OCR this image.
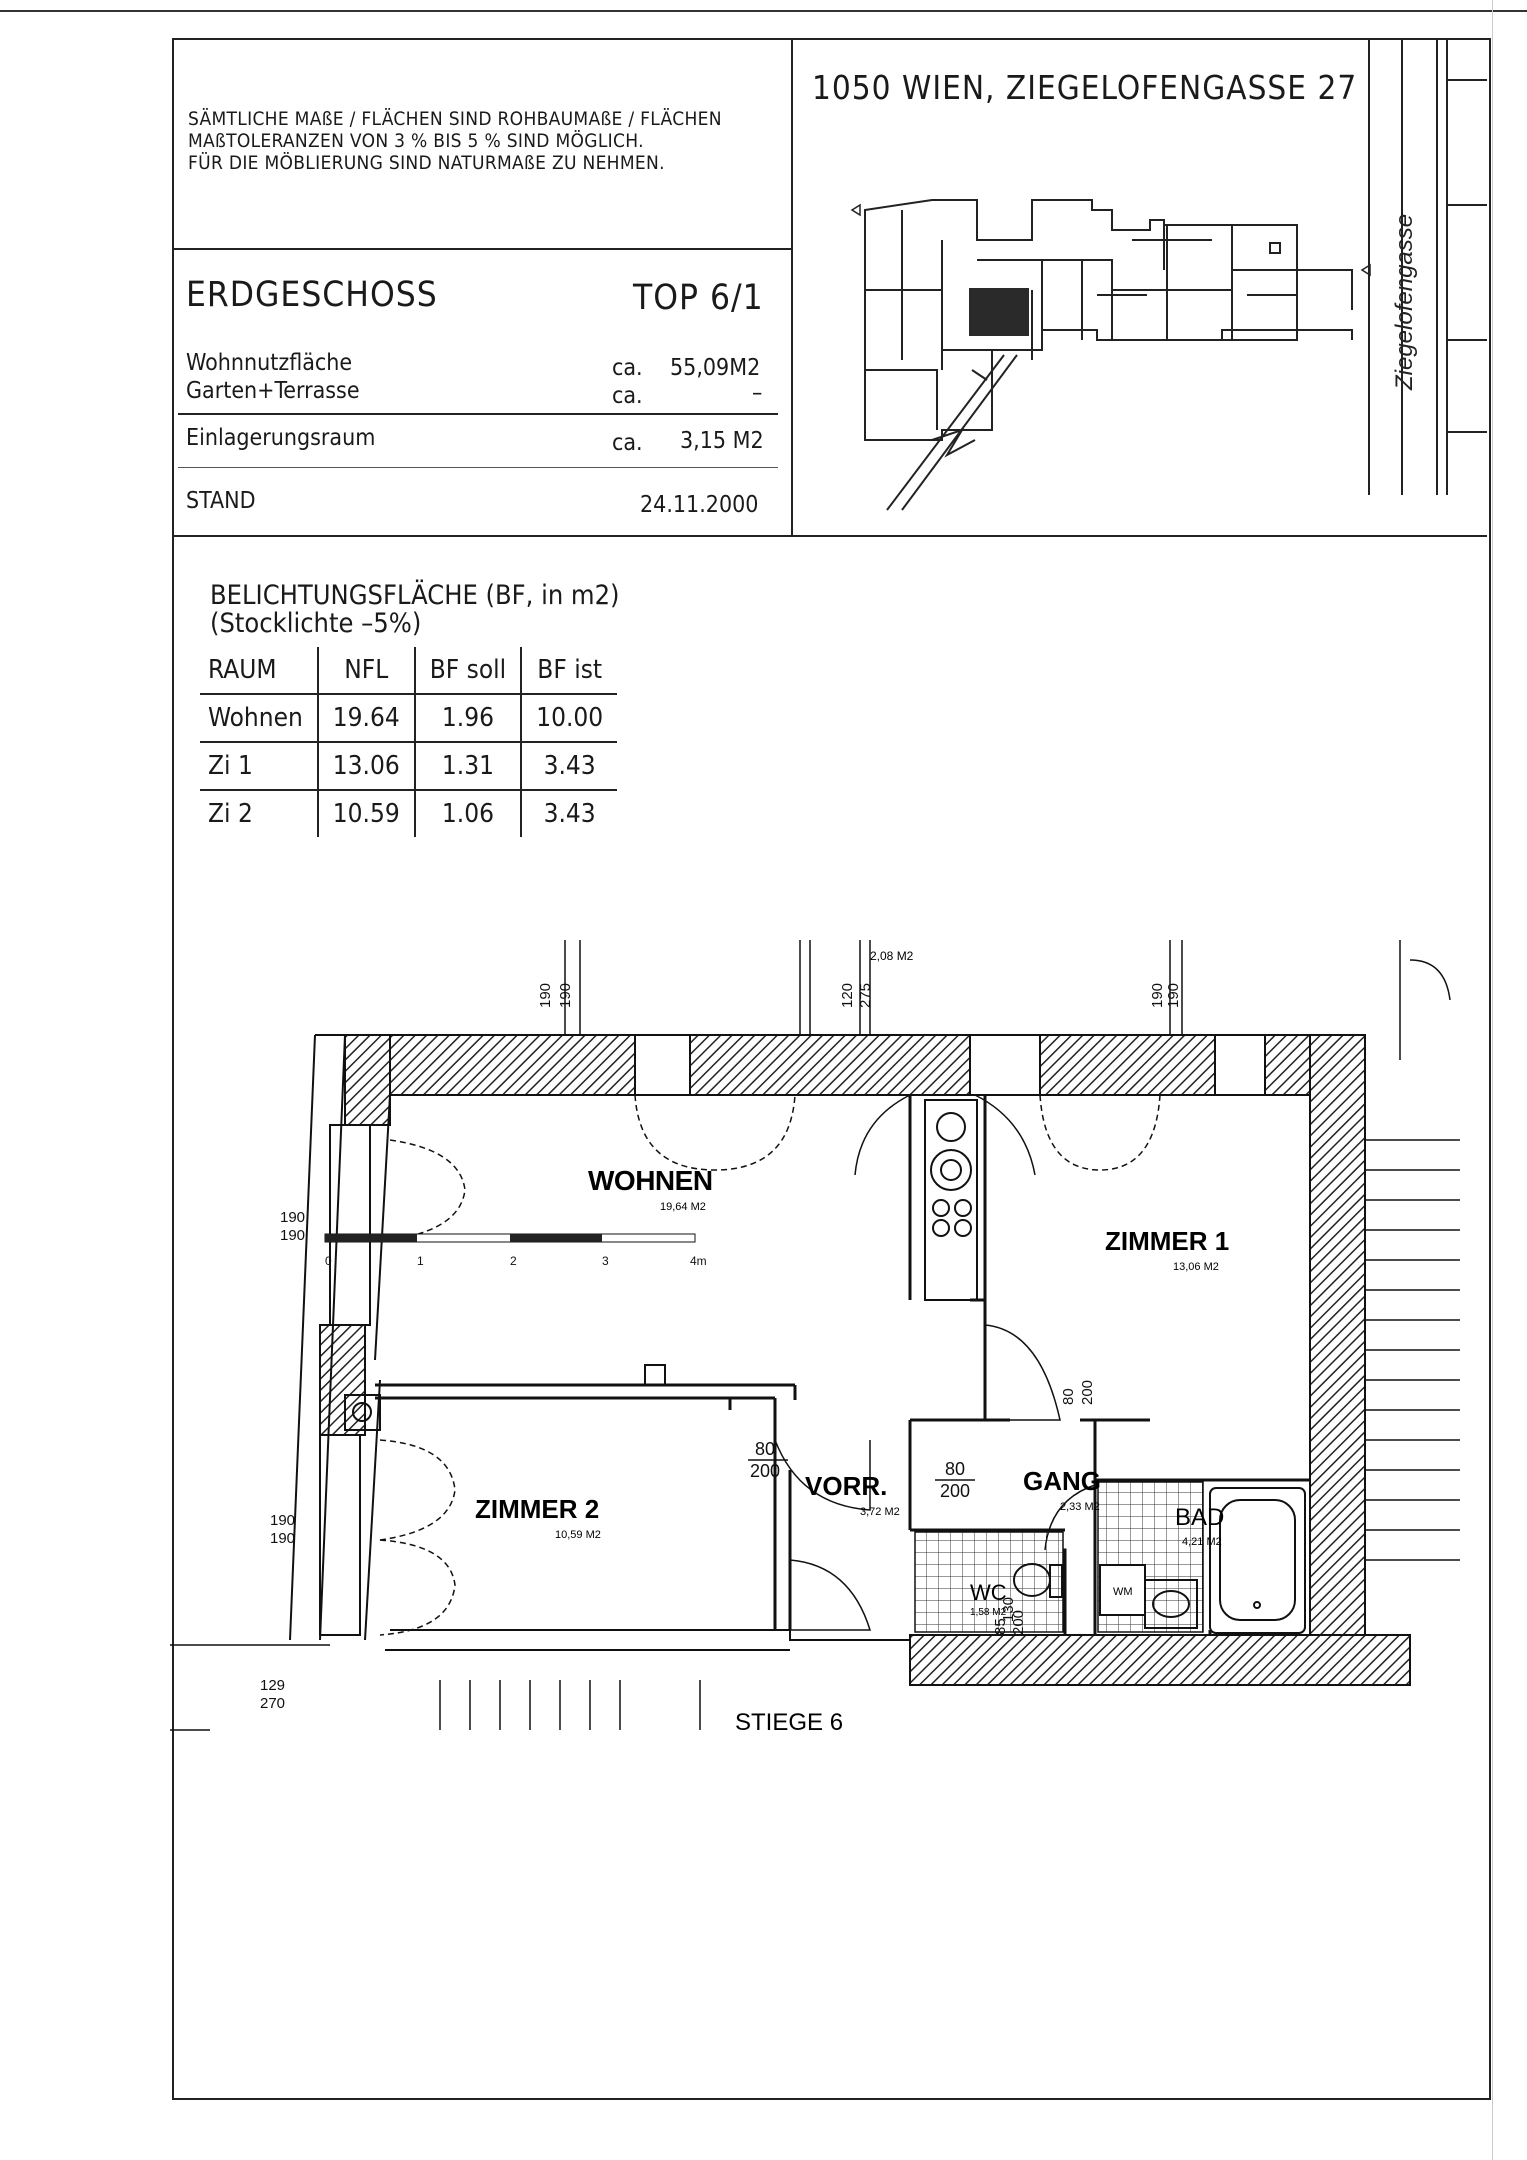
SÄMTLICHE MAßE / FLÄCHEN SIND ROHBAUMAßE / FLÄCHEN
MAßTOLERANZEN VON 3 % BIS 5 % SIND MÖGLICH.
FÜR DIE MÖBLIERUNG SIND NATURMAßE ZU NEHMEN.
ERDGESCHOSS	TOP 6/1
Wohnnutzfläche	ca. 55,09M2
Garten+Terrasse	ca.	–
Einlagerungsraum	ca. 3,15 M2
STAND	24.11.2000
1050 WIEN, ZIEGELOFENGASSE 27
Ziegelofengasse
BELICHTUNGSFLÄCHE (BF, in m2)
(Stocklichte –5%)
RAUM	NFL	BF soll	BF ist
Wohnen	19.64	1.96	10.00
Zi 1	13.06	1.31	3.43
Zi 2	10.59	1.06	3.43
WM
0	1	2	3	4m
190 190	120 275	190 190
190
190
190
190
80 200
130
85 200
129
270
80
200	80
200
2,08 M2
WOHNEN
19,64 M2
ZIMMER 1
13,06 M2
ZIMMER 2
10,59 M2
VORR.
3,72 M2
GANG
2,33 M2	BAD
4,21 M2
WC
1,58 M2
STIEGE 6
